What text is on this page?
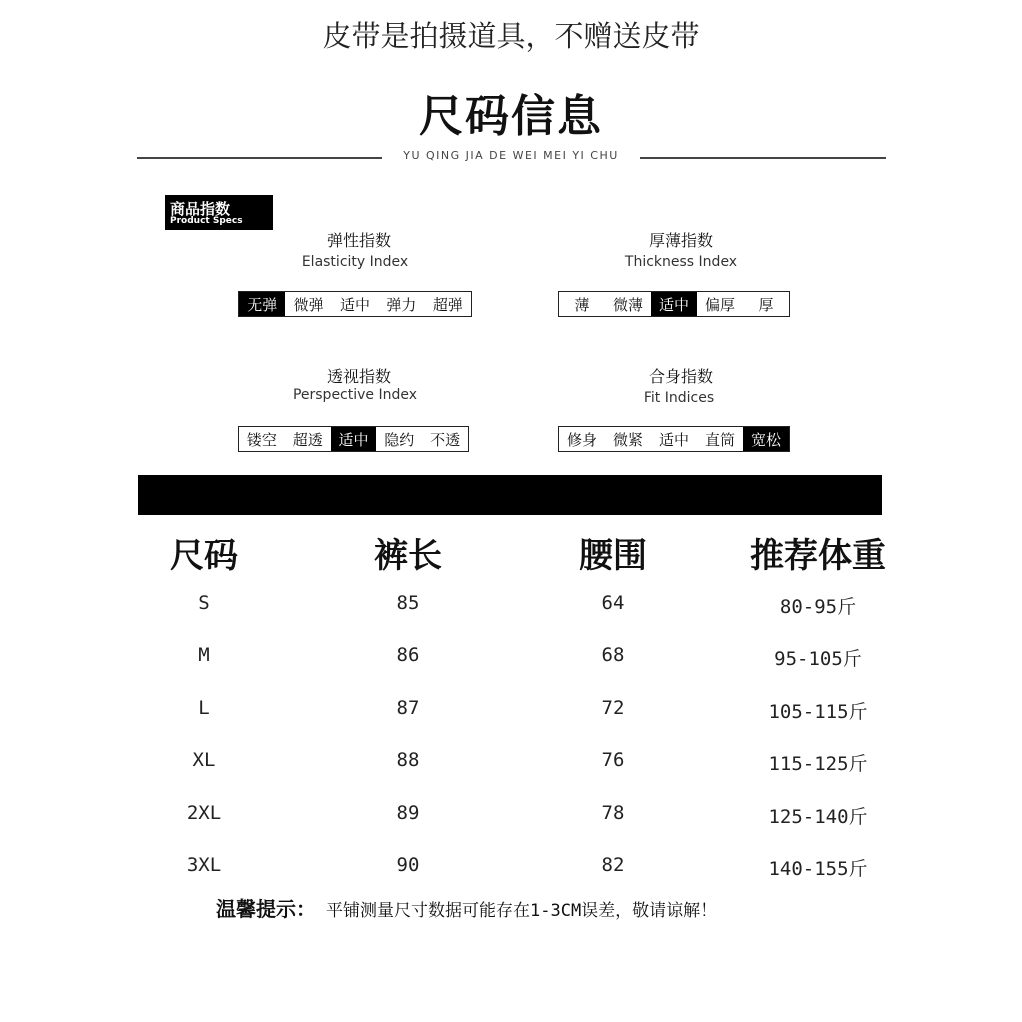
皮带是拍摄道具，不赠送皮带
尺码信息
YU QING JIA DE WEI MEI YI CHU
商品指数
Product Specs
弹性指数
Elasticity Index
无弹	微弹	适中	弹力	超弹
厚薄指数
Thickness Index
薄	微薄	适中	偏厚	厚
透视指数
Perspective Index
镂空	超透	适中	隐约	不透
合身指数
Fit Indices
修身	微紧	适中	直筒	宽松
尺码	裤长	腰围	推荐体重
S	85	64	80-95斤
M	86	68	95-105斤
L	87	72	105-115斤
XL	88	76	115-125斤
2XL	89	78	125-140斤
3XL	90	82	140-155斤
温馨提示： 平铺测量尺寸数据可能存在1-3CM误差，敬请谅解！
